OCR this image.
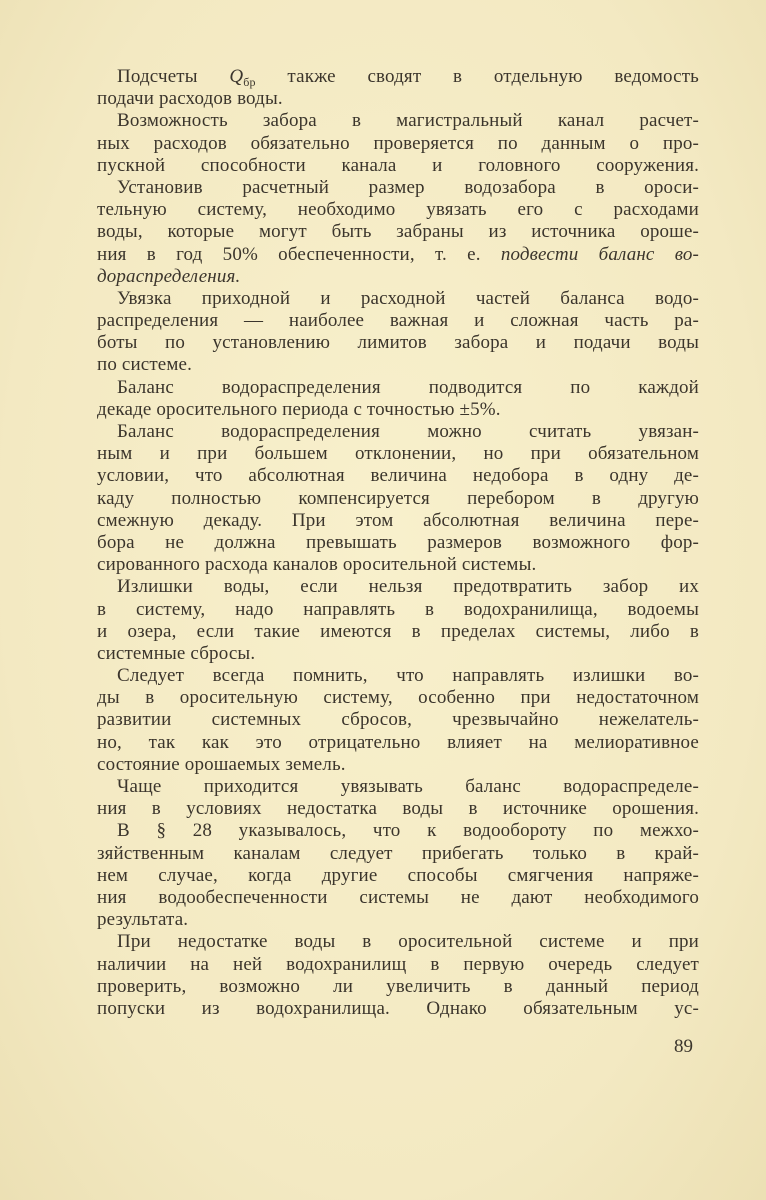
Подсчеты $Q_{бр}$ также сводят в отдельную ведомость
подачи расходов воды.
Возможность забора в магистральный канал расчет-
ных расходов обязательно проверяется по данным о про-
пускной способности канала и головного сооружения.
Установив расчетный размер водозабора в ороси-
тельную систему, необходимо увязать его с расходами
воды, которые могут быть забраны из источника ороше-
ния в год 50% обеспеченности, т. е. подвести баланс во-
дораспределения.
Увязка приходной и расходной частей баланса водо-
распределения — наиболее важная и сложная часть ра-
боты по установлению лимитов забора и подачи воды
по системе.
Баланс водораспределения подводится по каждой
декаде оросительного периода с точностью ±5%.
Баланс водораспределения можно считать увязан-
ным и при большем отклонении, но при обязательном
условии, что абсолютная величина недобора в одну де-
каду полностью компенсируется перебором в другую
смежную декаду. При этом абсолютная величина пере-
бора не должна превышать размеров возможного фор-
сированного расхода каналов оросительной системы.
Излишки воды, если нельзя предотвратить забор их
в систему, надо направлять в водохранилища, водоемы
и озера, если такие имеются в пределах системы, либо в
системные сбросы.
Следует всегда помнить, что направлять излишки во-
ды в оросительную систему, особенно при недостаточном
развитии системных сбросов, чрезвычайно нежелатель-
но, так как это отрицательно влияет на мелиоративное
состояние орошаемых земель.
Чаще приходится увязывать баланс водораспределе-
ния в условиях недостатка воды в источнике орошения.
В § 28 указывалось, что к водообороту по межхо-
зяйственным каналам следует прибегать только в край-
нем случае, когда другие способы смягчения напряже-
ния водообеспеченности системы не дают необходимого
результата.
При недостатке воды в оросительной системе и при
наличии на ней водохранилищ в первую очередь следует
проверить, возможно ли увеличить в данный период
попуски из водохранилища. Однако обязательным ус-
89
